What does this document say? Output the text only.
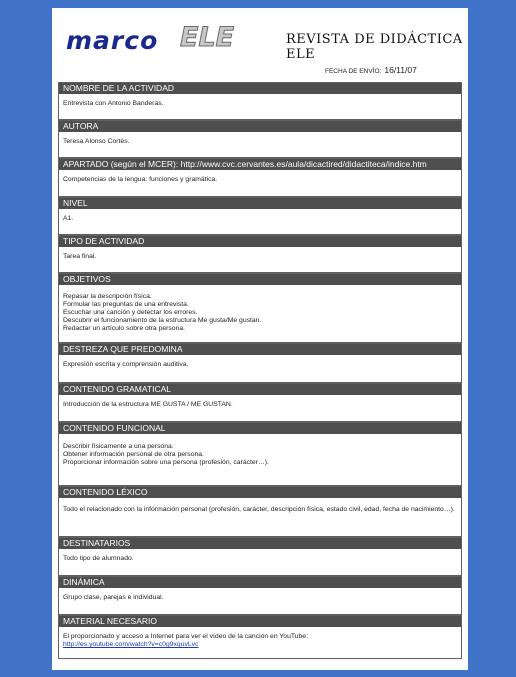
marco ELE	REVISTA DE DIDÁCTICA ELE
FECHA DE ENVÍO: 16/11/07
NOMBRE DE LA ACTIVIDAD
Entrevista con Antonio Banderas.
AUTORA
Teresa Alonso Cortés.
APARTADO (según el MCER): http://www.cvc.cervantes.es/aula/dicactired/didactiteca/indice.htm
Competencias de la lengua: funciones y gramática.
NIVEL
A1.
TIPO DE ACTIVIDAD
Tarea final.
OBJETIVOS
Repasar la descripción física.
Formular las preguntas de una entrevista.
Escuchar una canción y detectar los errores.
Descubrir el funcionamiento de la estructura Me gusta/Me gustan.
Redactar un artículo sobre otra persona.
DESTREZA QUE PREDOMINA
Expresión escrita y comprensión auditiva.
CONTENIDO GRAMATICAL
Introducción de la estructura ME GUSTA / ME GUSTAN.
CONTENIDO FUNCIONAL
Describir físicamente a una persona.
Obtener información personal de otra persona.
Proporcionar información sobre una persona (profesión, carácter…).
CONTENIDO LÉXICO
Todo el relacionado con la información personal (profesión, carácter, descripción física, estado civil, edad, fecha de nacimiento…).
DESTINATARIOS
Todo tipo de alumnado.
DINÁMICA
Grupo clase, parejas e individual.
MATERIAL NECESARIO
El proporcionado y acceso a Internet para ver el vídeo de la canción en YouTube:
http://es.youtube.com/watch?v=c0g9xquvLvc
